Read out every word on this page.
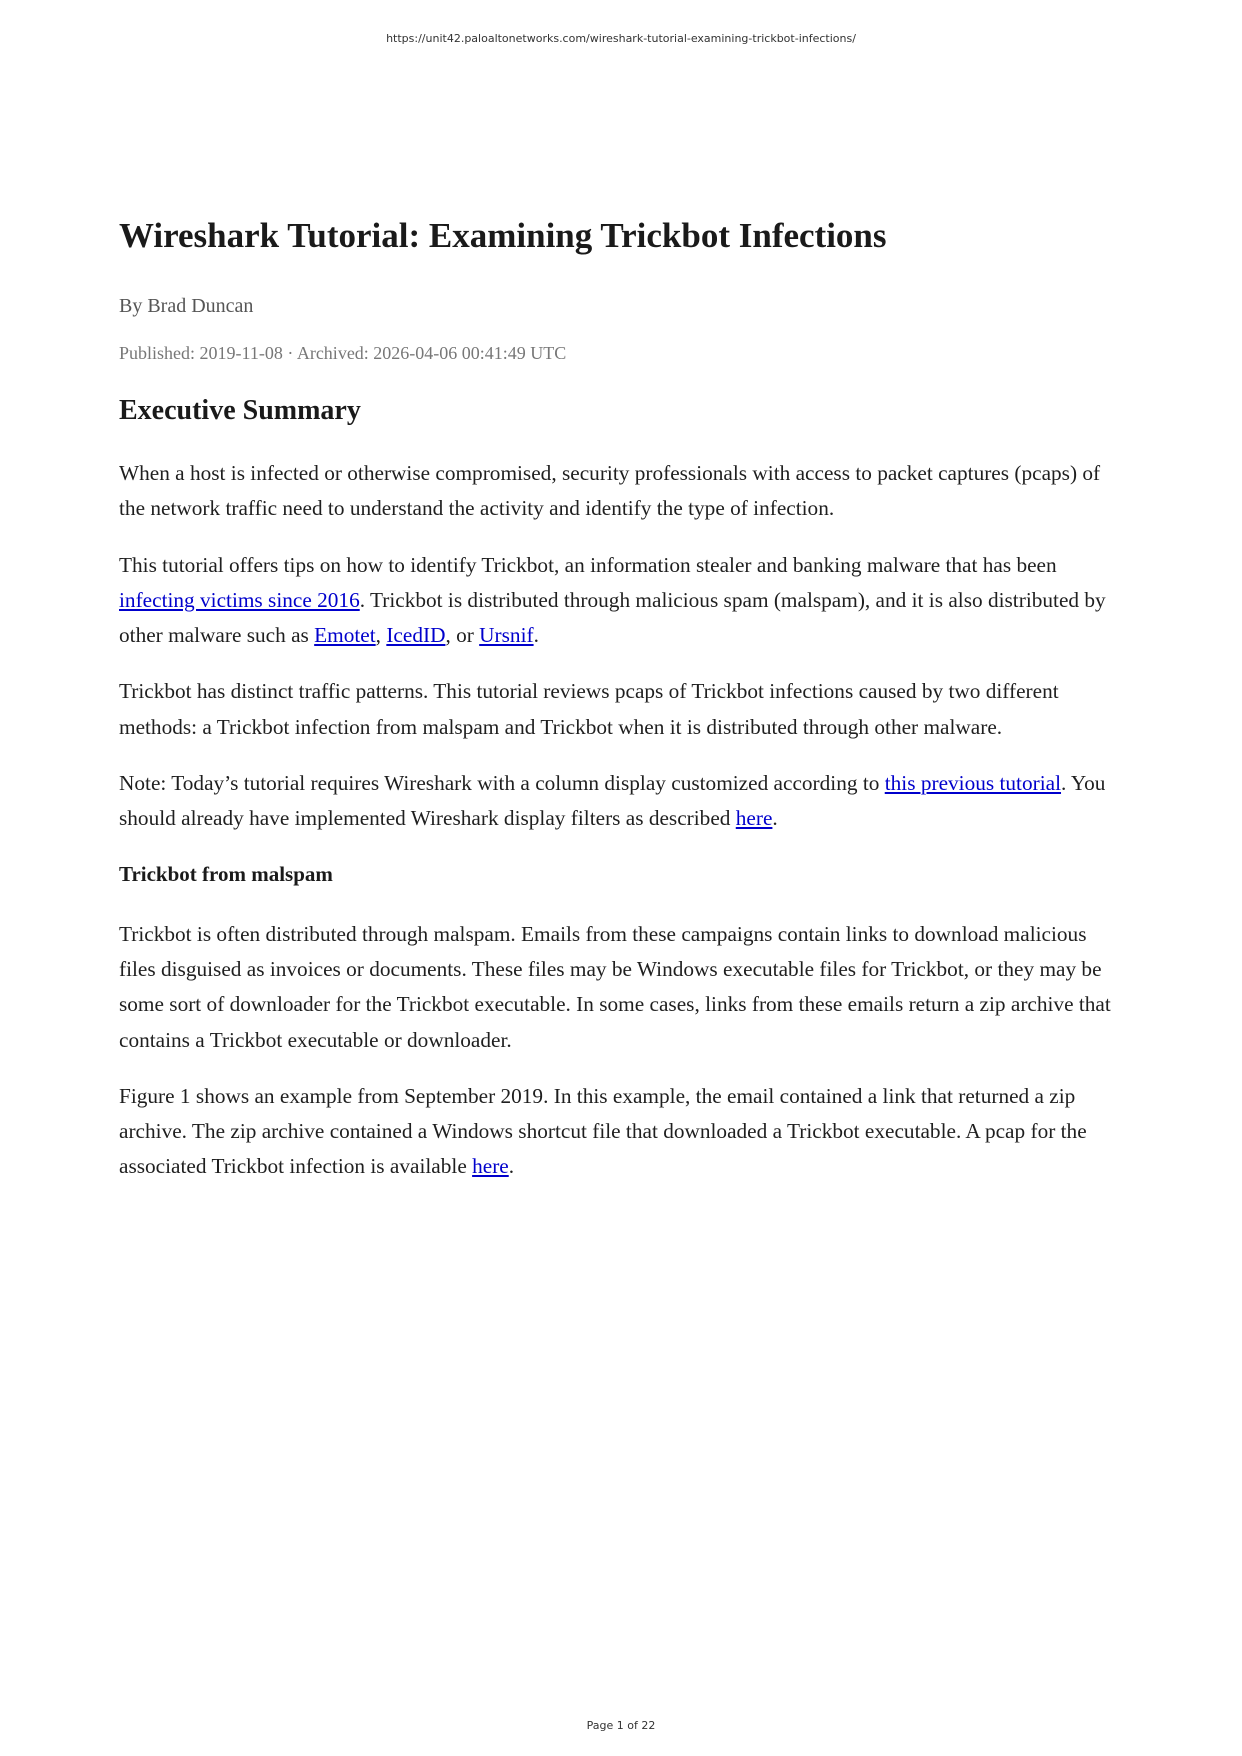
https://unit42.paloaltonetworks.com/wireshark-tutorial-examining-trickbot-infections/
Wireshark Tutorial: Examining Trickbot Infections
By Brad Duncan
Published: 2019-11-08 · Archived: 2026-04-06 00:41:49 UTC
Executive Summary

When a host is infected or otherwise compromised, security professionals with access to packet captures (pcaps) of the network traffic need to understand the activity and identify the type of infection.

This tutorial offers tips on how to identify Trickbot, an information stealer and banking malware that has been infecting victims since 2016. Trickbot is distributed through malicious spam (malspam), and it is also distributed by other malware such as Emotet, IcedID, or Ursnif.

Trickbot has distinct traffic patterns. This tutorial reviews pcaps of Trickbot infections caused by two different methods: a Trickbot infection from malspam and Trickbot when it is distributed through other malware.

Note: Today’s tutorial requires Wireshark with a column display customized according to this previous tutorial. You should already have implemented Wireshark display filters as described here.

Trickbot from malspam

Trickbot is often distributed through malspam. Emails from these campaigns contain links to download malicious files disguised as invoices or documents. These files may be Windows executable files for Trickbot, or they may be some sort of downloader for the Trickbot executable. In some cases, links from these emails return a zip archive that contains a Trickbot executable or downloader.

Figure 1 shows an example from September 2019. In this example, the email contained a link that returned a zip archive. The zip archive contained a Windows shortcut file that downloaded a Trickbot executable. A pcap for the associated Trickbot infection is available here.

Page 1 of 22
